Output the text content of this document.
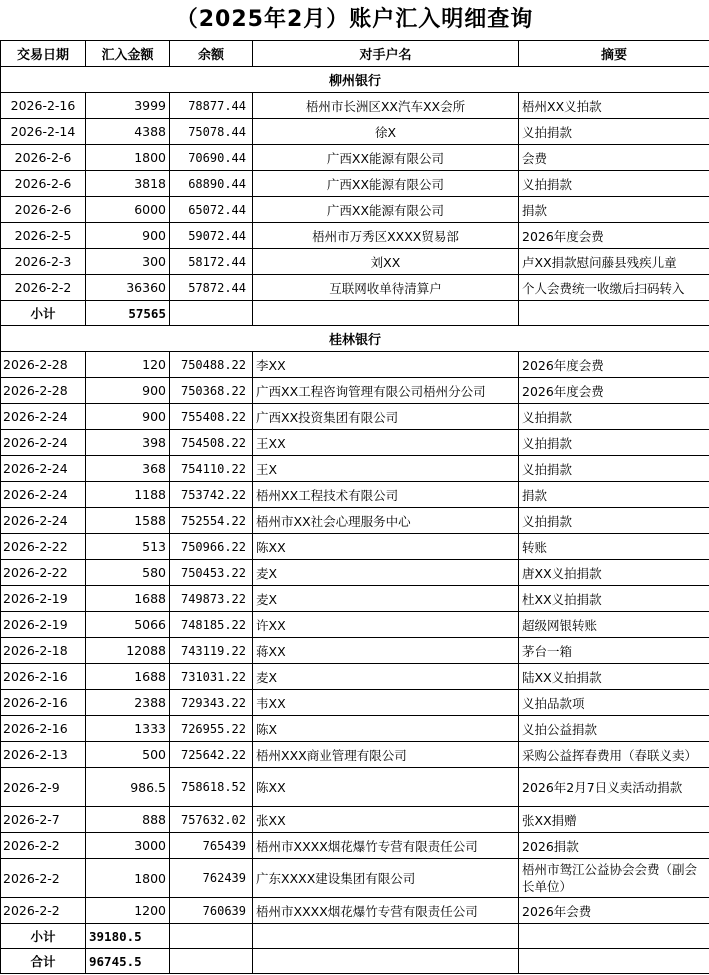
（2025年2月）账户汇入明细查询
交易日期	汇入金额	余额	对手户名	摘要
柳州银行				
2026-2-16	3999	78877.44	梧州市长洲区XX汽车XX会所	梧州XX义拍款
2026-2-14	4388	75078.44	徐X	义拍捐款
2026-2-6	1800	70690.44	广西XX能源有限公司	会费
2026-2-6	3818	68890.44	广西XX能源有限公司	义拍捐款
2026-2-6	6000	65072.44	广西XX能源有限公司	捐款
2026-2-5	900	59072.44	梧州市万秀区XXXX贸易部	2026年度会费
2026-2-3	300	58172.44	刘XX	卢XX捐款慰问藤县残疾儿童
2026-2-2	36360	57872.44	互联网收单待清算户	个人会费统一收缴后扫码转入
小计	57565			
桂林银行				
2026-2-28	120	750488.22	李XX	2026年度会费
2026-2-28	900	750368.22	广西XX工程咨询管理有限公司梧州分公司	2026年度会费
2026-2-24	900	755408.22	广西XX投资集团有限公司	义拍捐款
2026-2-24	398	754508.22	王XX	义拍捐款
2026-2-24	368	754110.22	王X	义拍捐款
2026-2-24	1188	753742.22	梧州XX工程技术有限公司	捐款
2026-2-24	1588	752554.22	梧州市XX社会心理服务中心	义拍捐款
2026-2-22	513	750966.22	陈XX	转账
2026-2-22	580	750453.22	麦X	唐XX义拍捐款
2026-2-19	1688	749873.22	麦X	杜XX义拍捐款
2026-2-19	5066	748185.22	许XX	超级网银转账
2026-2-18	12088	743119.22	蒋XX	茅台一箱
2026-2-16	1688	731031.22	麦X	陆XX义拍捐款
2026-2-16	2388	729343.22	韦XX	义拍品款项
2026-2-16	1333	726955.22	陈X	义拍公益捐款
2026-2-13	500	725642.22	梧州XXX商业管理有限公司	采购公益挥春费用（春联义卖）
2026-2-9	986.5	758618.52	陈XX	2026年2月7日义卖活动捐款
2026-2-7	888	757632.02	张XX	张XX捐赠
2026-2-2	3000	765439	梧州市XXXX烟花爆竹专营有限责任公司	2026捐款
2026-2-2	1800	762439	广东XXXX建设集团有限公司	梧州市鸳江公益协会会费（副会长单位）
2026-2-2	1200	760639	梧州市XXXX烟花爆竹专营有限责任公司	2026年会费
小计	39180.5			
合计	96745.5			
